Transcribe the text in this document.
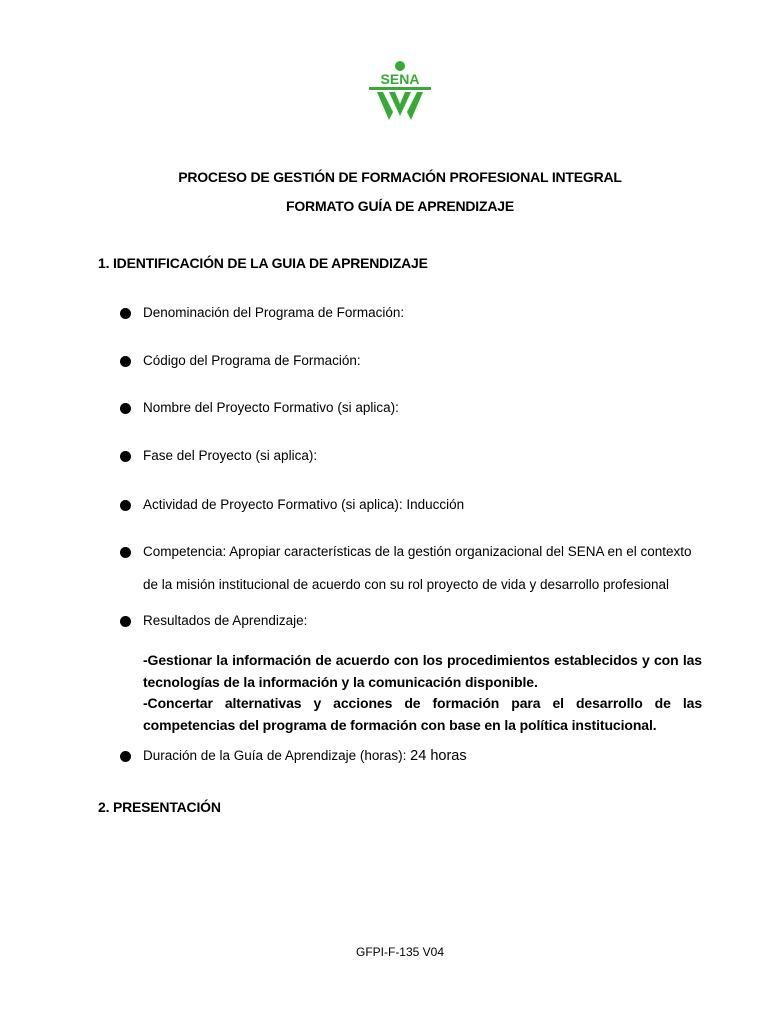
SENA
PROCESO DE GESTIÓN DE FORMACIÓN PROFESIONAL INTEGRAL
FORMATO GUÍA DE APRENDIZAJE
1. IDENTIFICACIÓN DE LA GUIA DE APRENDIZAJE
Denominación del Programa de Formación:
Código del Programa de Formación:
Nombre del Proyecto Formativo (si aplica):
Fase del Proyecto (si aplica):
Actividad de Proyecto Formativo (si aplica): Inducción
Competencia: Apropiar características de la gestión organizacional del SENA en el contexto
de la misión institucional de acuerdo con su rol proyecto de vida y desarrollo profesional
Resultados de Aprendizaje:
-Gestionar la información de acuerdo con los procedimientos establecidos y con las tecnologías de la información y la comunicación disponible.
-Concertar alternativas y acciones de formación para el desarrollo de las competencias del programa de formación con base en la política institucional.
Duración de la Guía de Aprendizaje (horas): 24 horas
2. PRESENTACIÓN
GFPI-F-135 V04
